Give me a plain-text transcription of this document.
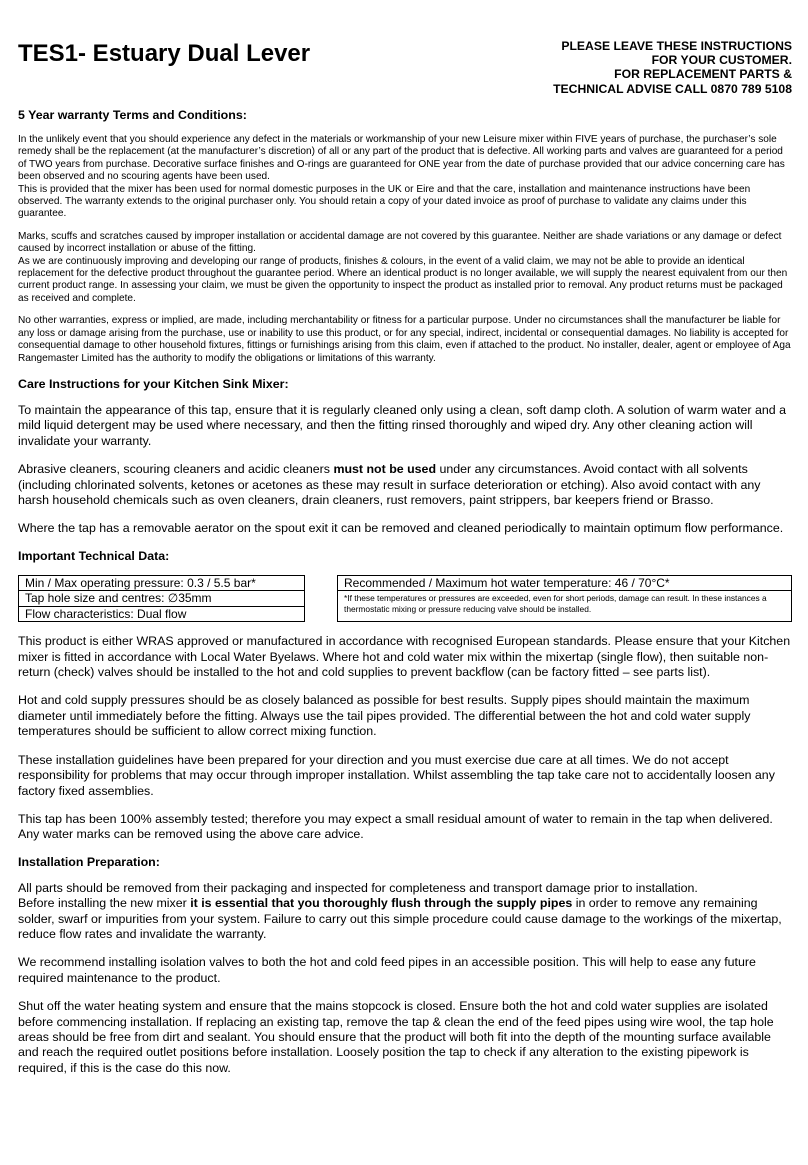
TES1- Estuary Dual Lever	PLEASE LEAVE THESE INSTRUCTIONS
FOR YOUR CUSTOMER.
FOR REPLACEMENT PARTS &
TECHNICAL ADVISE CALL 0870 789 5108
5 Year warranty Terms and Conditions:

In the unlikely event that you should experience any defect in the materials or workmanship of your new Leisure mixer within FIVE years of purchase, the purchaser’s sole remedy shall be the replacement (at the manufacturer’s discretion) of all or any part of the product that is defective. All working parts and valves are guaranteed for a period of TWO years from purchase. Decorative surface finishes and O-rings are guaranteed for ONE year from the date of purchase provided that our advice concerning care has been observed and no scouring agents have been used.

This is provided that the mixer has been used for normal domestic purposes in the UK or Eire and that the care, installation and maintenance instructions have been observed. The warranty extends to the original purchaser only. You should retain a copy of your dated invoice as proof of purchase to validate any claims under this guarantee.

Marks, scuffs and scratches caused by improper installation or accidental damage are not covered by this guarantee. Neither are shade variations or any damage or defect caused by incorrect installation or abuse of the fitting.

As we are continuously improving and developing our range of products, finishes & colours, in the event of a valid claim, we may not be able to provide an identical replacement for the defective product throughout the guarantee period. Where an identical product is no longer available, we will supply the nearest equivalent from our then current product range. In assessing your claim, we must be given the opportunity to inspect the product as installed prior to removal. Any product returns must be packaged as received and complete.

No other warranties, express or implied, are made, including merchantability or fitness for a particular purpose. Under no circumstances shall the manufacturer be liable for any loss or damage arising from the purchase, use or inability to use this product, or for any special, indirect, incidental or consequential damages. No liability is accepted for consequential damage to other household fixtures, fittings or furnishings arising from this claim, even if attached to the product. No installer, dealer, agent or employee of Aga Rangemaster Limited has the authority to modify the obligations or limitations of this warranty.

Care Instructions for your Kitchen Sink Mixer:

To maintain the appearance of this tap, ensure that it is regularly cleaned only using a clean, soft damp cloth. A solution of warm water and a mild liquid detergent may be used where necessary, and then the fitting rinsed thoroughly and wiped dry. Any other cleaning action will invalidate your warranty.

Abrasive cleaners, scouring cleaners and acidic cleaners must not be used under any circumstances. Avoid contact with all solvents (including chlorinated solvents, ketones or acetones as these may result in surface deterioration or etching). Also avoid contact with any harsh household chemicals such as oven cleaners, drain cleaners, rust removers, paint strippers, bar keepers friend or Brasso.

Where the tap has a removable aerator on the spout exit it can be removed and cleaned periodically to maintain optimum flow performance.

Important Technical Data:
Min / Max operating pressure: 0.3 / 5.5 bar*
Tap hole size and centres: ∅35mm
Flow characteristics: Dual flow
Recommended / Maximum hot water temperature: 46 / 70°C*
*If these temperatures or pressures are exceeded, even for short periods, damage can result. In these instances a thermostatic mixing or pressure reducing valve should be installed.

This product is either WRAS approved or manufactured in accordance with recognised European standards. Please ensure that your Kitchen mixer is fitted in accordance with Local Water Byelaws. Where hot and cold water mix within the mixertap (single flow), then suitable non-return (check) valves should be installed to the hot and cold supplies to prevent backflow (can be factory fitted – see parts list).

Hot and cold supply pressures should be as closely balanced as possible for best results. Supply pipes should maintain the maximum diameter until immediately before the fitting. Always use the tail pipes provided. The differential between the hot and cold water supply temperatures should be sufficient to allow correct mixing function.

These installation guidelines have been prepared for your direction and you must exercise due care at all times. We do not accept responsibility for problems that may occur through improper installation. Whilst assembling the tap take care not to accidentally loosen any factory fixed assemblies.

This tap has been 100% assembly tested; therefore you may expect a small residual amount of water to remain in the tap when delivered. Any water marks can be removed using the above care advice.

Installation Preparation:

All parts should be removed from their packaging and inspected for completeness and transport damage prior to installation.

Before installing the new mixer it is essential that you thoroughly flush through the supply pipes in order to remove any remaining solder, swarf or impurities from your system. Failure to carry out this simple procedure could cause damage to the workings of the mixertap, reduce flow rates and invalidate the warranty.

We recommend installing isolation valves to both the hot and cold feed pipes in an accessible position. This will help to ease any future required maintenance to the product.

Shut off the water heating system and ensure that the mains stopcock is closed. Ensure both the hot and cold water supplies are isolated before commencing installation. If replacing an existing tap, remove the tap & clean the end of the feed pipes using wire wool, the tap hole areas should be free from dirt and sealant. You should ensure that the product will both fit into the depth of the mounting surface available and reach the required outlet positions before installation. Loosely position the tap to check if any alteration to the existing pipework is required, if this is the case do this now.
